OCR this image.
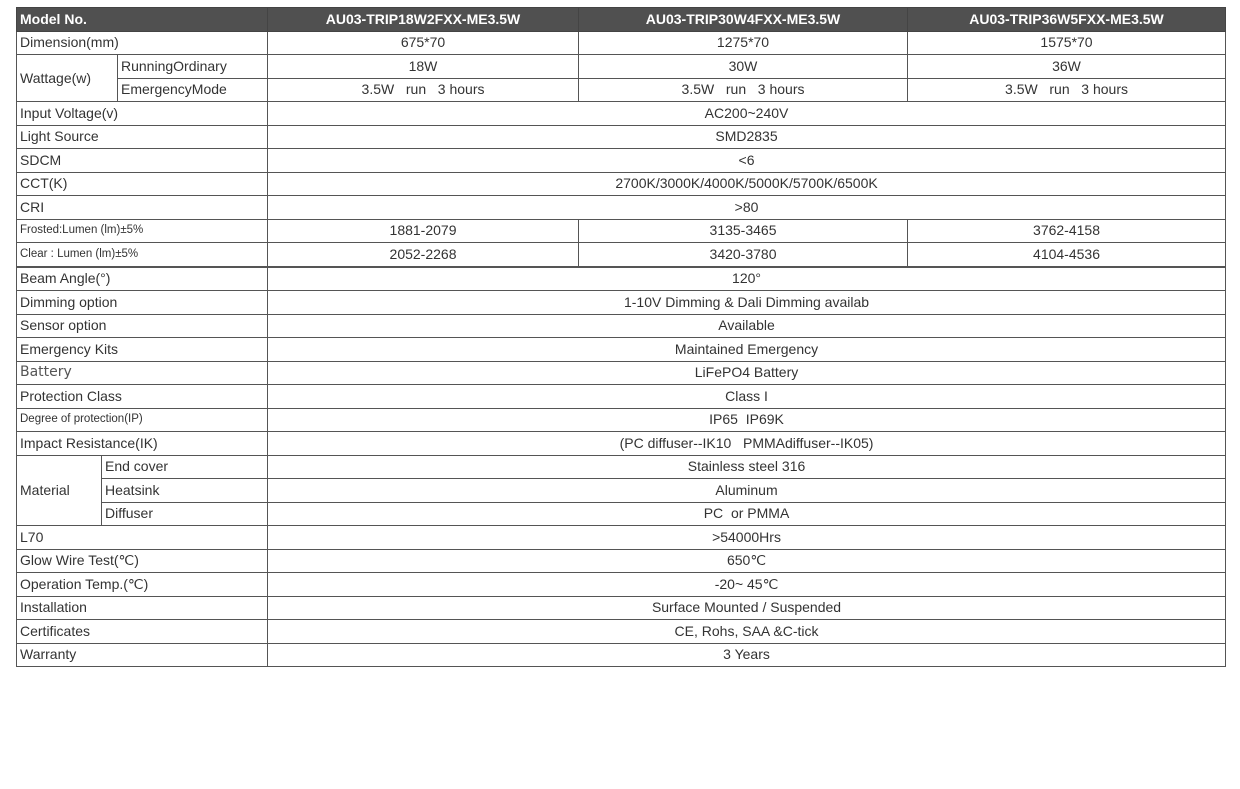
Model No.			AU03-TRIP18W2FXX-ME3.5W	AU03-TRIP30W4FXX-ME3.5W	AU03-TRIP36W5FXX-ME3.5W
Dimension(mm)			675*70	1275*70	1575*70
Wattage(w)		RunningOrdinary	18W	30W	36W
		EmergencyMode	3.5W   run   3 hours	3.5W   run   3 hours	3.5W   run   3 hours
Input Voltage(v)			AC200~240V		
Light Source			SMD2835		
SDCM			<6		
CCT(K)			2700K/3000K/4000K/5000K/5700K/6500K		
CRI			>80		
Frosted:Lumen (lm)±5%			1881-2079	3135-3465	3762-4158
Clear : Lumen (lm)±5%			2052-2268	3420-3780	4104-4536
Beam Angle(°)			120°		
Dimming option			1-10V Dimming & Dali Dimming availab		
Sensor option			Available		
Emergency Kits			Maintained Emergency		
Battery			LiFePO4 Battery		
Protection Class			Class I		
Degree of protection(IP)			IP65  IP69K		
Impact Resistance(IK)			(PC diffuser--IK10   PMMAdiffuser--IK05)		
Material	End cover		Stainless steel 316		
	Heatsink		Aluminum		
	Diffuser		PC  or PMMA		
L70			>54000Hrs		
Glow Wire Test(℃)			650℃		
Operation Temp.(℃)			-20~ 45℃		
Installation			Surface Mounted / Suspended		
Certificates			CE, Rohs, SAA &C-tick		
Warranty			3 Years		
